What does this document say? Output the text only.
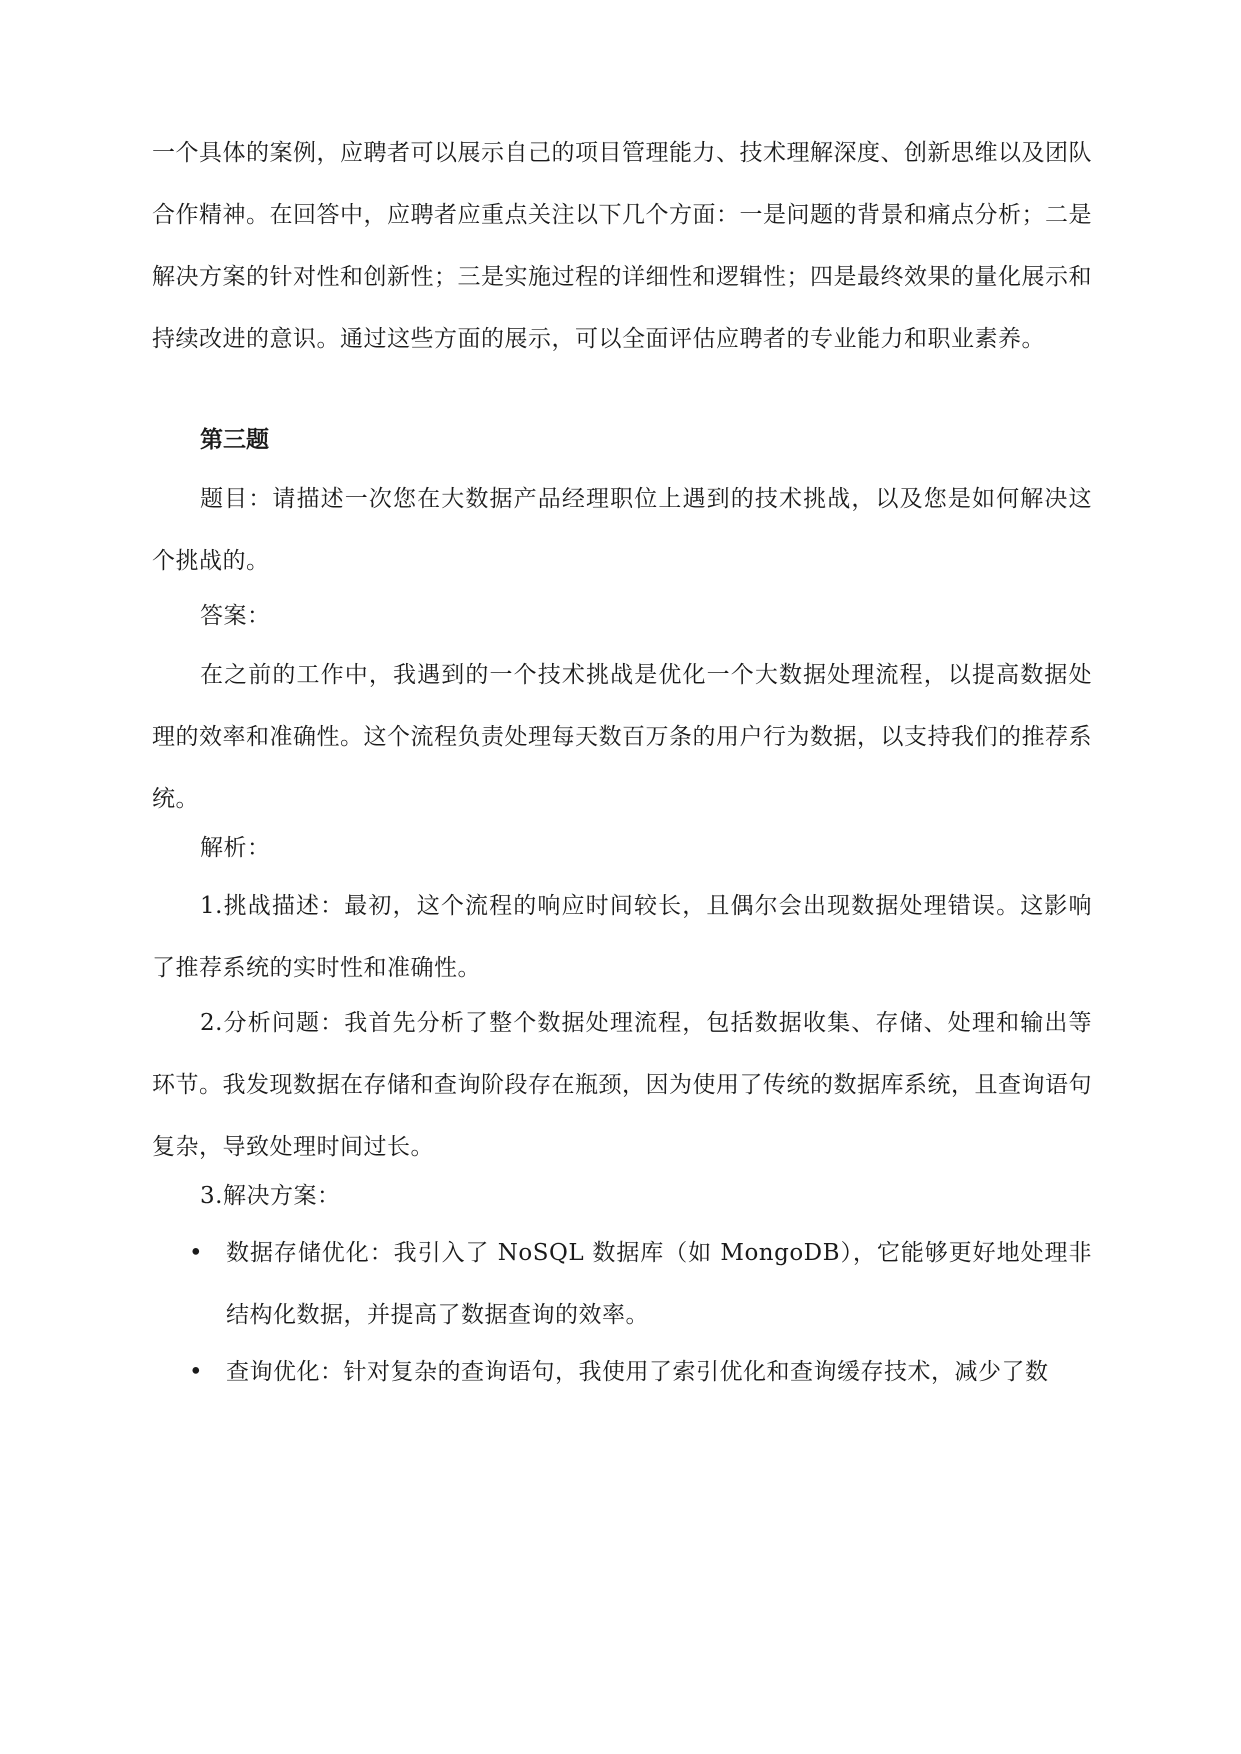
一个具体的案例，应聘者可以展示自己的项目管理能力、技术理解深度、创新思维以及团队合作精神。在回答中，应聘者应重点关注以下几个方面：一是问题的背景和痛点分析；二是解决方案的针对性和创新性；三是实施过程的详细性和逻辑性；四是最终效果的量化展示和持续改进的意识。通过这些方面的展示，可以全面评估应聘者的专业能力和职业素养。

第三题

题目：请描述一次您在大数据产品经理职位上遇到的技术挑战，以及您是如何解决这个挑战的。

答案：

在之前的工作中，我遇到的一个技术挑战是优化一个大数据处理流程，以提高数据处理的效率和准确性。这个流程负责处理每天数百万条的用户行为数据，以支持我们的推荐系统。

解析：

1.挑战描述：最初，这个流程的响应时间较长，且偶尔会出现数据处理错误。这影响了推荐系统的实时性和准确性。

2.分析问题：我首先分析了整个数据处理流程，包括数据收集、存储、处理和输出等环节。我发现数据在存储和查询阶段存在瓶颈，因为使用了传统的数据库系统，且查询语句复杂，导致处理时间过长。

3.解决方案：

• 数据存储优化：我引入了 NoSQL 数据库（如 MongoDB），它能够更好地处理非结构化数据，并提高了数据查询的效率。
• 查询优化：针对复杂的查询语句，我使用了索引优化和查询缓存技术，减少了数
